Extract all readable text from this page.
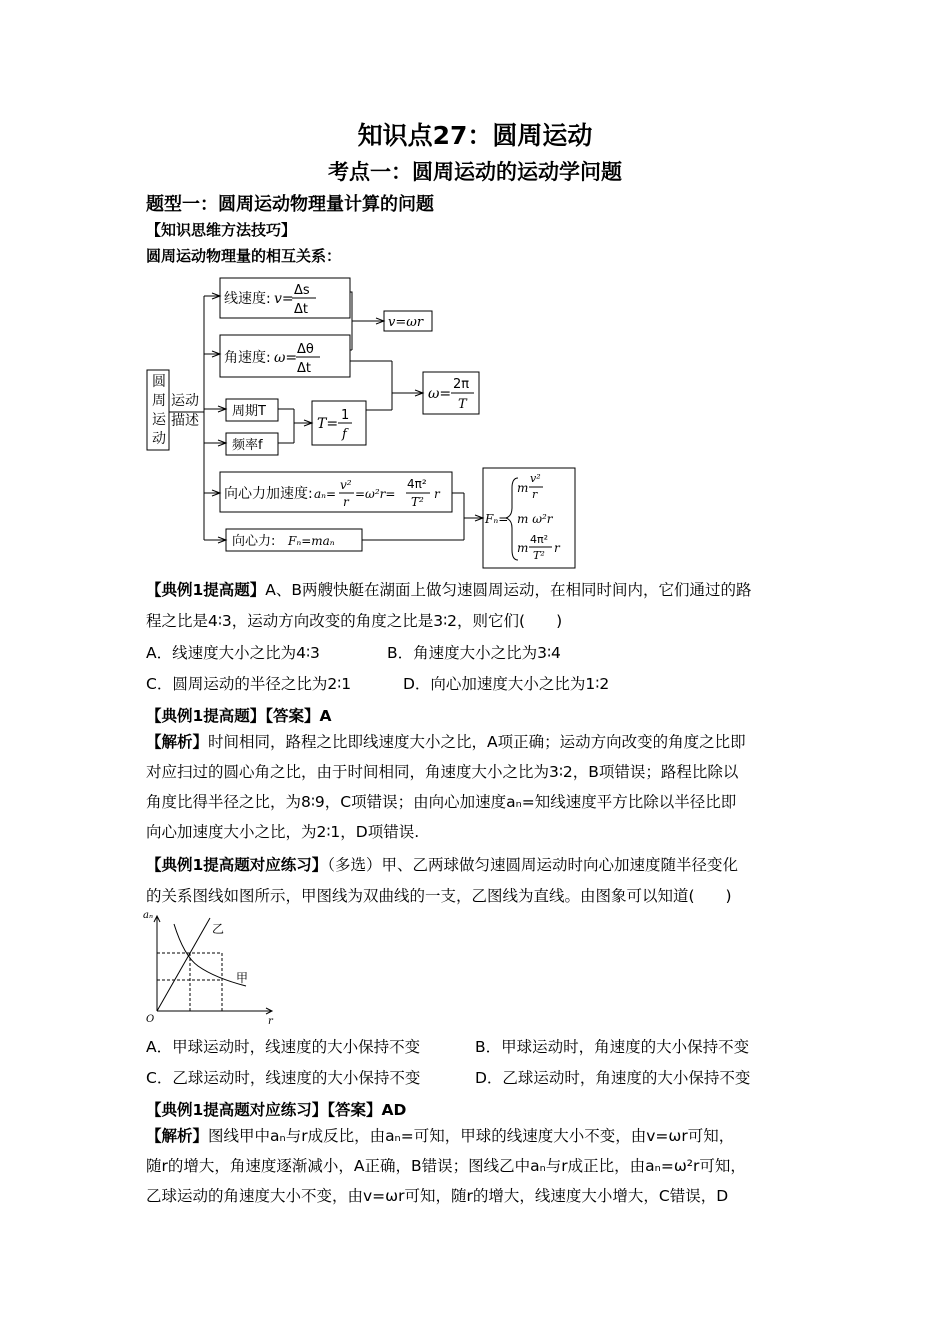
知识点27：圆周运动
考点一：圆周运动的运动学问题
题型一：圆周运动物理量计算的问题
【知识思维方法技巧】
圆周运动物理量的相互关系：
圆
周
运
动
运动
描述
线速度: v=
Δs
Δt
v=ωr
角速度: ω=
Δθ
Δt
周期T
频率f
T=
1
f
ω=
2π
T
向心力加速度: aₙ=
v²
r
=ω²r=
4π²
T²
r
向心力: Fₙ=maₙ
Fₙ=
m
v²
r
m ω²r
m
4π²
T²
r
【典例1提高题】A、B两艘快艇在湖面上做匀速圆周运动，在相同时间内，它们通过的路
程之比是4∶3，运动方向改变的角度之比是3∶2，则它们(　　)
A．线速度大小之比为4∶3	B．角速度大小之比为3∶4
C．圆周运动的半径之比为2∶1	D．向心加速度大小之比为1∶2
【典例1提高题】【答案】A
【解析】时间相同，路程之比即线速度大小之比，A项正确；运动方向改变的角度之比即
对应扫过的圆心角之比，由于时间相同，角速度大小之比为3∶2，B项错误；路程比除以
角度比得半径之比，为8∶9，C项错误；由向心加速度aₙ=知线速度平方比除以半径比即
向心加速度大小之比，为2∶1，D项错误.
【典例1提高题对应练习】（多选）甲、乙两球做匀速圆周运动时向心加速度随半径变化
的关系图线如图所示，甲图线为双曲线的一支，乙图线为直线。由图象可以知道(　　)
aₙ
r
O
乙
甲
A．甲球运动时，线速度的大小保持不变	B．甲球运动时，角速度的大小保持不变
C．乙球运动时，线速度的大小保持不变	D．乙球运动时，角速度的大小保持不变
【典例1提高题对应练习】【答案】AD
【解析】图线甲中aₙ与r成反比，由aₙ=可知，甲球的线速度大小不变，由v=ωr可知，
随r的增大，角速度逐渐减小，A正确，B错误；图线乙中aₙ与r成正比，由aₙ=ω²r可知，
乙球运动的角速度大小不变，由v=ωr可知，随r的增大，线速度大小增大，C错误，D
